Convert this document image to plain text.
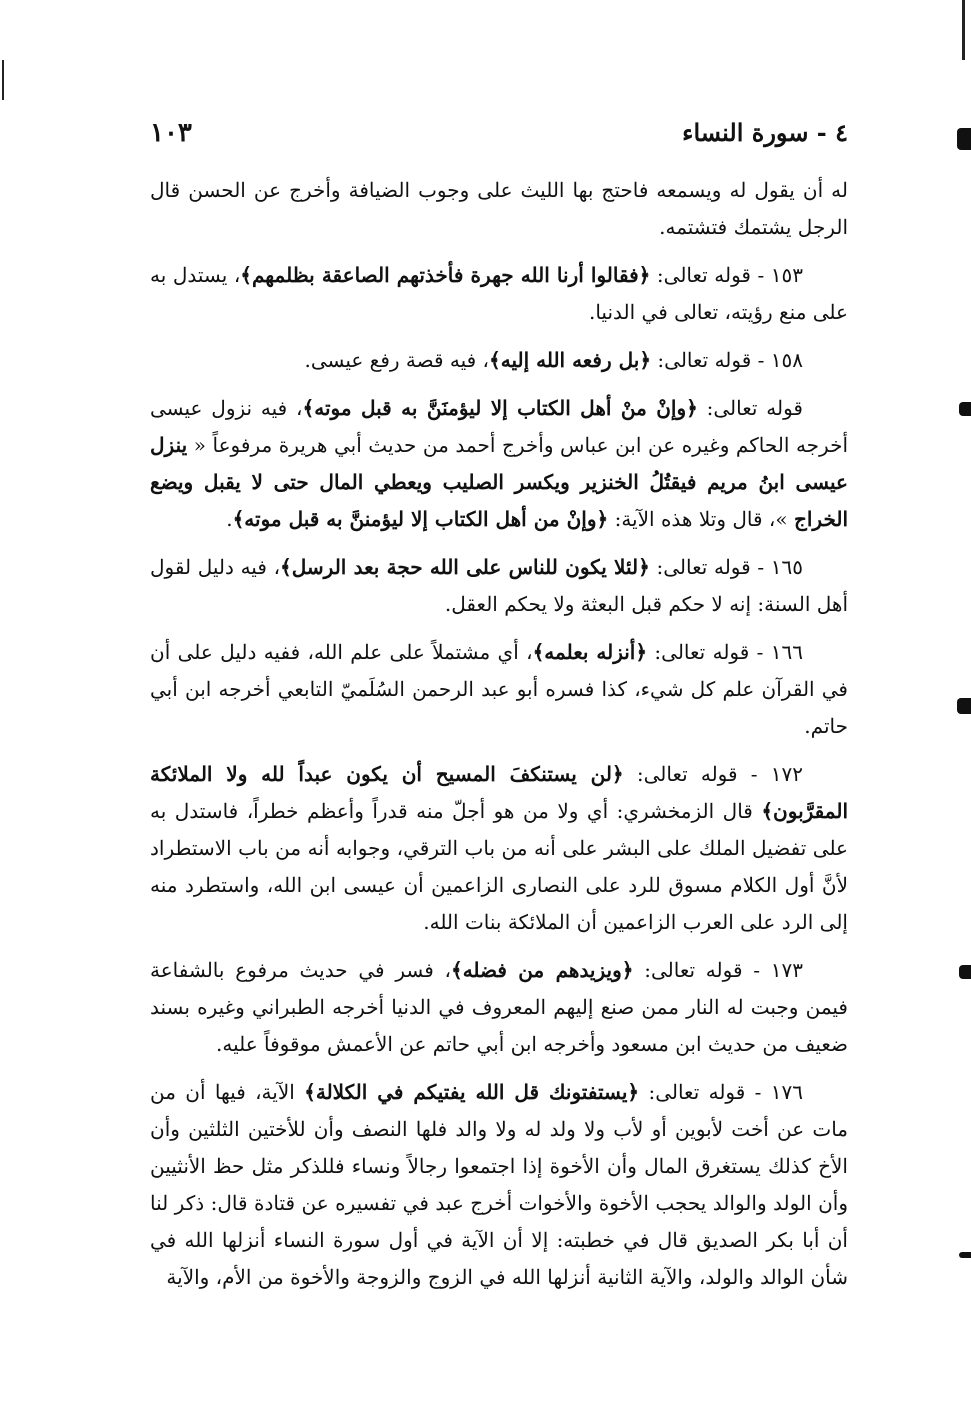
٤ - سورة النساء
١٠٣

له أن يقول له ويسمعه فاحتج بها الليث على وجوب الضيافة وأخرج عن الحسن قال الرجل يشتمك فتشتمه.

١٥٣ - قوله تعالى: ﴿فقالوا أرنا الله جهرة فأخذتهم الصاعقة بظلمهم﴾، يستدل به على منع رؤيته، تعالى في الدنيا.

١٥٨ - قوله تعالى: ﴿بل رفعه الله إليه﴾، فيه قصة رفع عيسى.

قوله تعالى: ﴿وإنْ منْ أهل الكتاب إلا ليؤمنَنَّ به قبل موته﴾، فيه نزول عيسى أخرجه الحاكم وغيره عن ابن عباس وأخرج أحمد من حديث أبي هريرة مرفوعاً « ينزل عيسى ابنُ مريم فيقتُلُ الخنزير ويكسر الصليب ويعطي المال حتى لا يقبل ويضع الخراج »، قال وتلا هذه الآية: ﴿وإنْ من أهل الكتاب إلا ليؤمننَّ به قبل موته﴾.

١٦٥ - قوله تعالى: ﴿لئلا يكون للناس على الله حجة بعد الرسل﴾، فيه دليل لقول أهل السنة: إنه لا حكم قبل البعثة ولا يحكم العقل.

١٦٦ - قوله تعالى: ﴿أنزله بعلمه﴾، أي مشتملاً على علم الله، ففيه دليل على أن في القرآن علم كل شيء، كذا فسره أبو عبد الرحمن السُلَميّ التابعي أخرجه ابن أبي حاتم.

١٧٢ - قوله تعالى: ﴿لن يستنكفَ المسيح أن يكون عبداً لله ولا الملائكة المقرَّبون﴾ قال الزمخشري: أي ولا من هو أجلّ منه قدراً وأعظم خطراً، فاستدل به على تفضيل الملك على البشر على أنه من باب الترقي، وجوابه أنه من باب الاستطراد لأنَّ أول الكلام مسوق للرد على النصارى الزاعمين أن عيسى ابن الله، واستطرد منه إلى الرد على العرب الزاعمين أن الملائكة بنات الله.

١٧٣ - قوله تعالى: ﴿ويزيدهم من فضله﴾، فسر في حديث مرفوع بالشفاعة فيمن وجبت له النار ممن صنع إليهم المعروف في الدنيا أخرجه الطبراني وغيره بسند ضعيف من حديث ابن مسعود وأخرجه ابن أبي حاتم عن الأعمش موقوفاً عليه.

١٧٦ - قوله تعالى: ﴿يستفتونك قل الله يفتيكم في الكلالة﴾ الآية، فيها أن من مات عن أخت لأبوين أو لأب ولا ولد له ولا والد فلها النصف وأن للأختين الثلثين وأن الأخ كذلك يستغرق المال وأن الأخوة إذا اجتمعوا رجالاً ونساء فللذكر مثل حظ الأنثيين وأن الولد والوالد يحجب الأخوة والأخوات أخرج عبد في تفسيره عن قتادة قال: ذكر لنا أن أبا بكر الصديق قال في خطبته: إلا أن الآية في أول سورة النساء أنزلها الله في شأن الوالد والولد، والآية الثانية أنزلها الله في الزوج والزوجة والأخوة من الأم، والآية
